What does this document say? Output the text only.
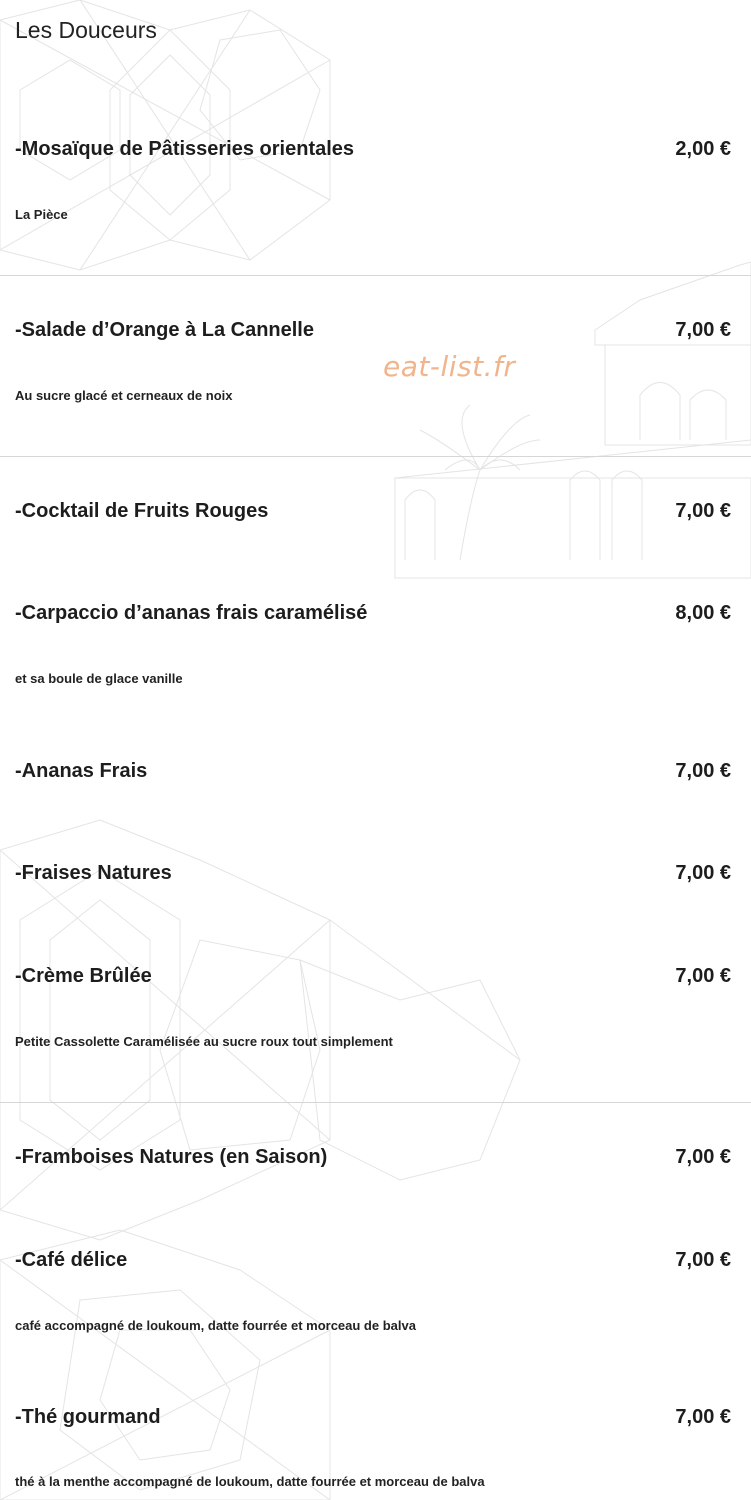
Les Douceurs
eat-list.fr
-Mosaïque de Pâtisseries orientales	2,00 €
La Pièce
-Salade d’Orange à La Cannelle	7,00 €
Au sucre glacé et cerneaux de noix
-Cocktail de Fruits Rouges	7,00 €
-Carpaccio d’ananas frais caramélisé	8,00 €
et sa boule de glace vanille
-Ananas Frais	7,00 €
-Fraises Natures	7,00 €
-Crème Brûlée	7,00 €
Petite Cassolette Caramélisée au sucre roux tout simplement
-Framboises Natures (en Saison)	7,00 €
-Café délice	7,00 €
café accompagné de loukoum, datte fourrée et morceau de balva
-Thé gourmand	7,00 €
thé à la menthe accompagné de loukoum, datte fourrée et morceau de balva
